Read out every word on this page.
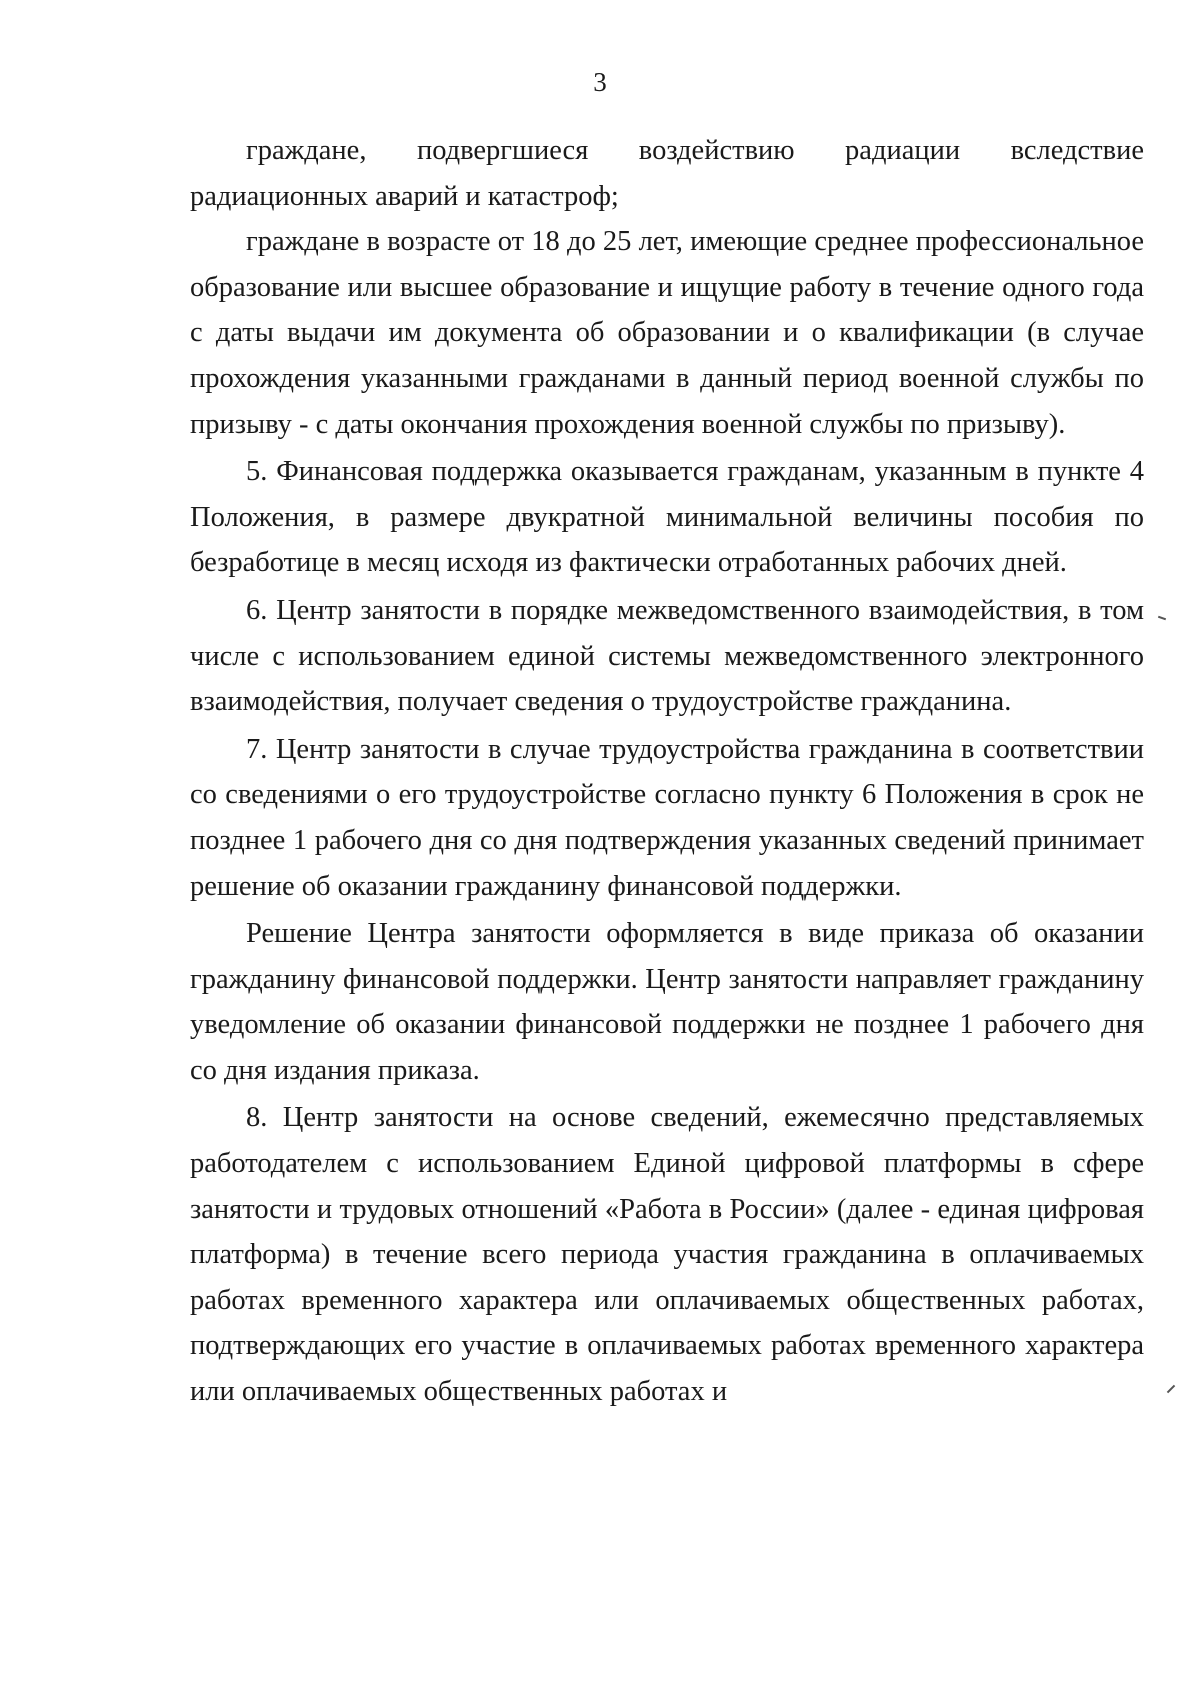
3

граждане, подвергшиеся воздействию радиации вследствие радиационных аварий и катастроф;

граждане в возрасте от 18 до 25 лет, имеющие среднее профессиональное образование или высшее образование и ищущие работу в течение одного года с даты выдачи им документа об образовании и о квалификации (в случае прохождения указанными гражданами в данный период военной службы по призыву - с даты окончания прохождения военной службы по призыву).

5. Финансовая поддержка оказывается гражданам, указанным в пункте 4 Положения, в размере двукратной минимальной величины пособия по безработице в месяц исходя из фактически отработанных рабочих дней.

6. Центр занятости в порядке межведомственного взаимодействия, в том числе с использованием единой системы межведомственного электронного взаимодействия, получает сведения о трудоустройстве гражданина.

7. Центр занятости в случае трудоустройства гражданина в соответствии со сведениями о его трудоустройстве согласно пункту 6 Положения в срок не позднее 1 рабочего дня со дня подтверждения указанных сведений принимает решение об оказании гражданину финансовой поддержки.

Решение Центра занятости оформляется в виде приказа об оказании гражданину финансовой поддержки. Центр занятости направляет гражданину уведомление об оказании финансовой поддержки не позднее 1 рабочего дня со дня издания приказа.

8. Центр занятости на основе сведений, ежемесячно представляемых работодателем с использованием Единой цифровой платформы в сфере занятости и трудовых отношений «Работа в России» (далее - единая цифровая платформа) в течение всего периода участия гражданина в оплачиваемых работах временного характера или оплачиваемых общественных работах, подтверждающих его участие в оплачиваемых работах временного характера или оплачиваемых общественных работах и
